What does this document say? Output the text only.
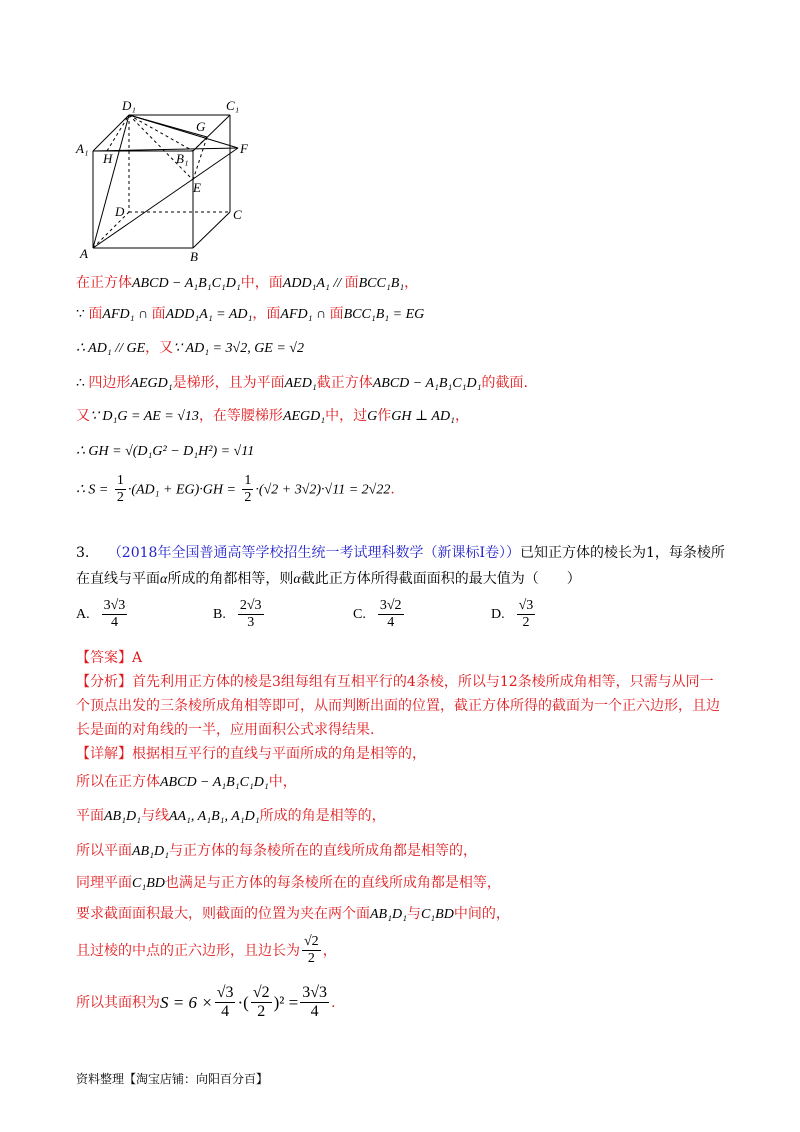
D₁	C₁
A₁
G
H	B₁
F
E
D	C
A	B
在正方体ABCD − A₁B₁C₁D₁中，面ADD₁A₁ // 面BCC₁B₁，
∵ 面AFD₁ ∩ 面ADD₁A₁ = AD₁，面AFD₁ ∩ 面BCC₁B₁ = EG
∴ AD₁ // GE，又∵ AD₁ = 3√2, GE = √2
∴ 四边形AEGD₁是梯形，且为平面AED₁截正方体ABCD − A₁B₁C₁D₁的截面.
又∵ D₁G = AE = √13，在等腰梯形AEGD₁中，过G作GH ⊥ AD₁，
∴ GH = √(D₁G² − D₁H²) = √11
∴ $S = \frac{1}{2} \cdot(AD_1 + EG)\cdot GH = \frac{1}{2} \cdot(√2 + 3√2)\cdot√11 = 2√22$.
3. （2018年全国普通高等学校招生统一考试理科数学（新课标I卷））已知正方体的棱长为1，每条棱所
在直线与平面α所成的角都相等，则α截此正方体所得截面面积的最大值为（　　）
A. $\frac{3√3}{4}$	B. $\frac{2√3}{3}$	C. $\frac{3√2}{4}$	D. $\frac{√3}{2}$
【答案】A
【分析】首先利用正方体的棱是3组每组有互相平行的4条棱，所以与12条棱所成角相等，只需与从同一
个顶点出发的三条棱所成角相等即可，从而判断出面的位置，截正方体所得的截面为一个正六边形，且边
长是面的对角线的一半，应用面积公式求得结果.
【详解】根据相互平行的直线与平面所成的角是相等的，
所以在正方体ABCD − A₁B₁C₁D₁中，
平面AB₁D₁与线AA₁, A₁B₁, A₁D₁所成的角是相等的，
所以平面AB₁D₁与正方体的每条棱所在的直线所成角都是相等的，
同理平面C₁BD也满足与正方体的每条棱所在的直线所成角都是相等，
要求截面面积最大，则截面的位置为夹在两个面AB₁D₁与C₁BD中间的，
且过棱的中点的正六边形，且边长为 $\frac{√2}{2}$ ，
所以其面积为 $S = 6 \times \frac{√3}{4}$ ·( $\frac{√2}{2} )^2 = \frac{3√3}{4}$ .
资料整理【淘宝店铺：向阳百分百】
